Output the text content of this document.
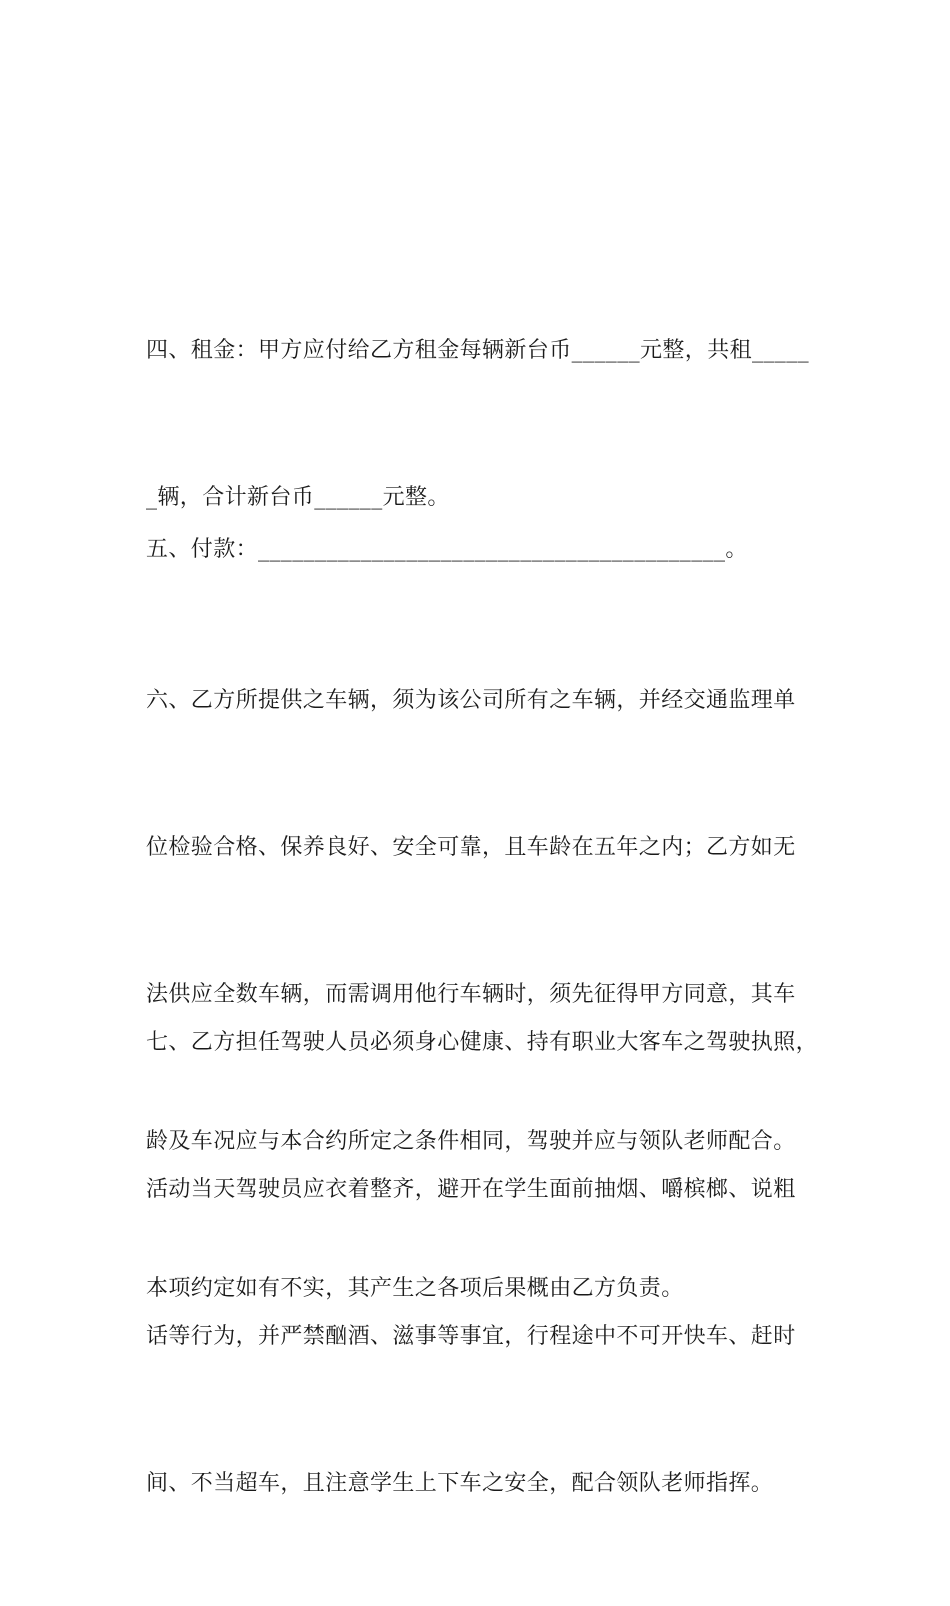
四、租金：甲方应付给乙方租金每辆新台币______元整，共租_____

_辆，合计新台币______元整。

五、付款：_________________________________________。

六、乙方所提供之车辆，须为该公司所有之车辆，并经交通监理单

位检验合格、保养良好、安全可靠，且车龄在五年之内；乙方如无

法供应全数车辆，而需调用他行车辆时，须先征得甲方同意，其车

龄及车况应与本合约所定之条件相同，驾驶并应与领队老师配合。

本项约定如有不实，其产生之各项后果概由乙方负责。

七、乙方担任驾驶人员必须身心健康、持有职业大客车之驾驶执照，

活动当天驾驶员应衣着整齐，避开在学生面前抽烟、嚼槟榔、说粗

话等行为，并严禁酗酒、滋事等事宜，行程途中不可开快车、赶时

间、不当超车，且注意学生上下车之安全，配合领队老师指挥。
